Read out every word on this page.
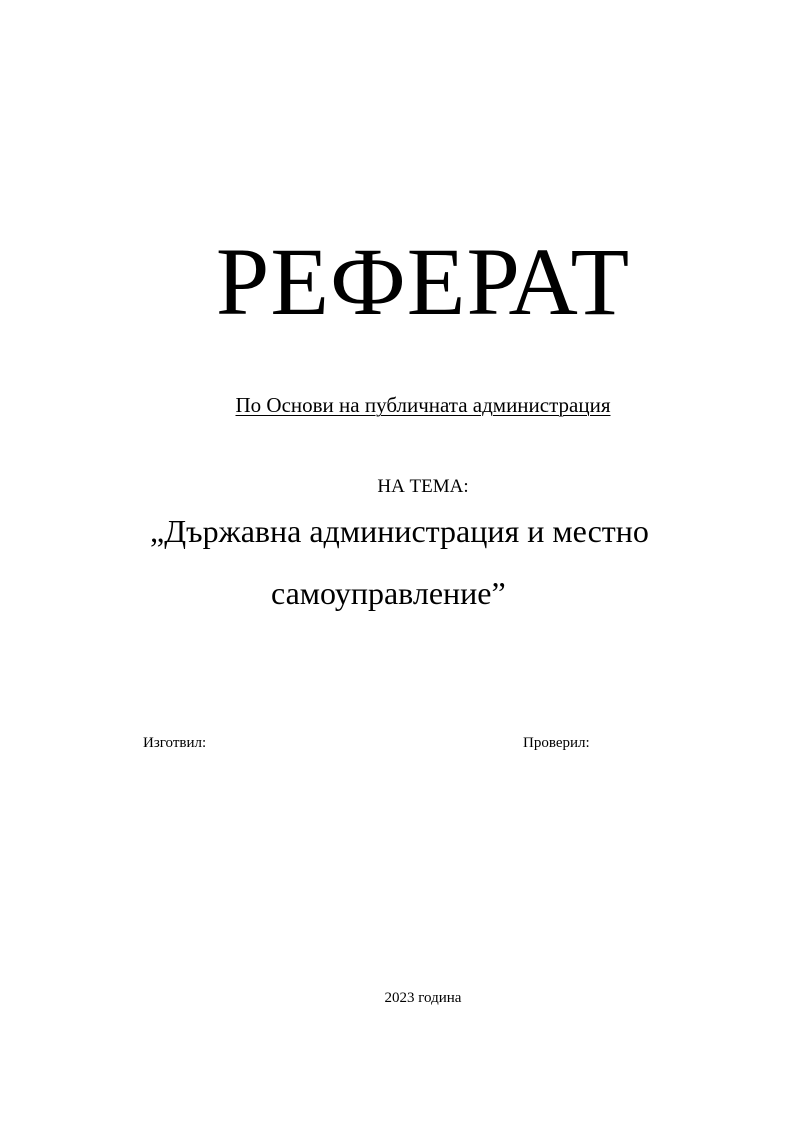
РЕФЕРАТ
По Основи на публичната администрация
НА ТЕМА:
„Държавна администрация и местно
самоуправление”
Изготвил:	Проверил:
2023 година
